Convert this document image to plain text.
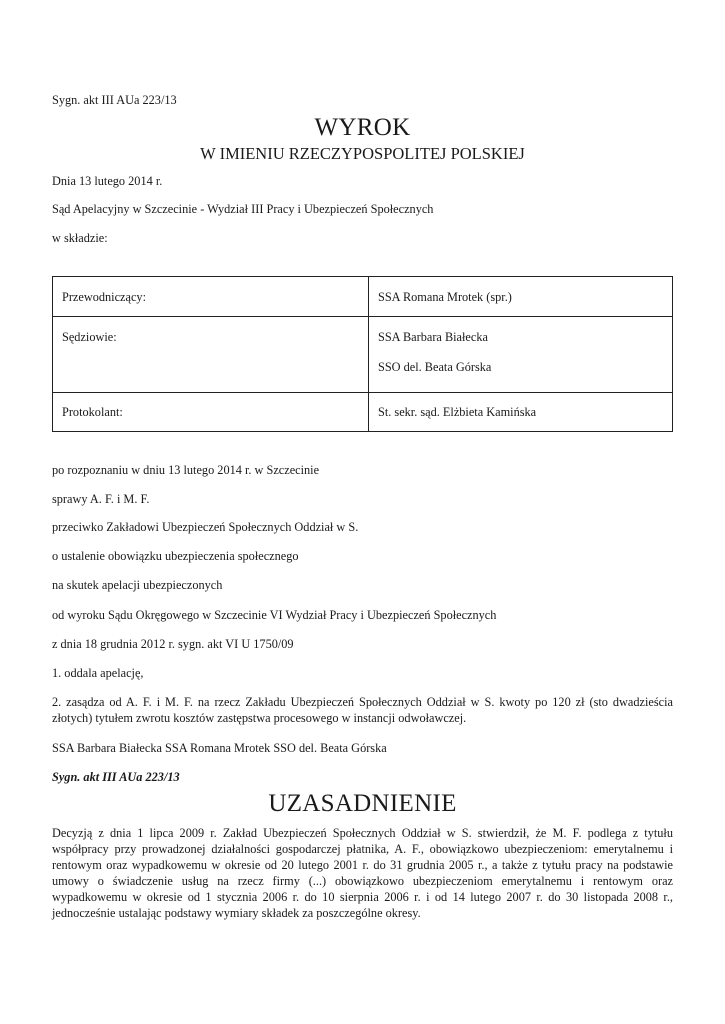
Sygn. akt III AUa 223/13
WYROK
W IMIENIU RZECZYPOSPOLITEJ POLSKIEJ
Dnia 13 lutego 2014 r.
Sąd Apelacyjny w Szczecinie - Wydział III Pracy i Ubezpieczeń Społecznych
w składzie:
Przewodniczący:	SSA Romana Mrotek (spr.)

Sędziowie:	SSA Barbara Białecka
SSO del. Beata Górska

Protokolant:	St. sekr. sąd. Elżbieta Kamińska
po rozpoznaniu w dniu 13 lutego 2014 r. w Szczecinie
sprawy A. F. i M. F.
przeciwko Zakładowi Ubezpieczeń Społecznych Oddział w S.
o ustalenie obowiązku ubezpieczenia społecznego
na skutek apelacji ubezpieczonych
od wyroku Sądu Okręgowego w Szczecinie VI Wydział Pracy i Ubezpieczeń Społecznych
z dnia 18 grudnia 2012 r. sygn. akt VI U 1750/09
1. oddala apelację,
2. zasądza od A. F. i M. F. na rzecz Zakładu Ubezpieczeń Społecznych Oddział w S. kwoty po 120 zł (sto dwadzieścia złotych) tytułem zwrotu kosztów zastępstwa procesowego w instancji odwoławczej.
SSA Barbara Białecka SSA Romana Mrotek SSO del. Beata Górska
Sygn. akt III AUa 223/13
UZASADNIENIE
Decyzją z dnia 1 lipca 2009 r. Zakład Ubezpieczeń Społecznych Oddział w S. stwierdził, że M. F. podlega z tytułu współpracy przy prowadzonej działalności gospodarczej płatnika, A. F., obowiązkowo ubezpieczeniom: emerytalnemu i rentowym oraz wypadkowemu w okresie od 20 lutego 2001 r. do 31 grudnia 2005 r., a także z tytułu pracy na podstawie umowy o świadczenie usług na rzecz firmy (...) obowiązkowo ubezpieczeniom emerytalnemu i rentowym oraz wypadkowemu w okresie od 1 stycznia 2006 r. do 10 sierpnia 2006 r. i od 14 lutego 2007 r. do 30 listopada 2008 r., jednocześnie ustalając podstawy wymiary składek za poszczególne okresy.
